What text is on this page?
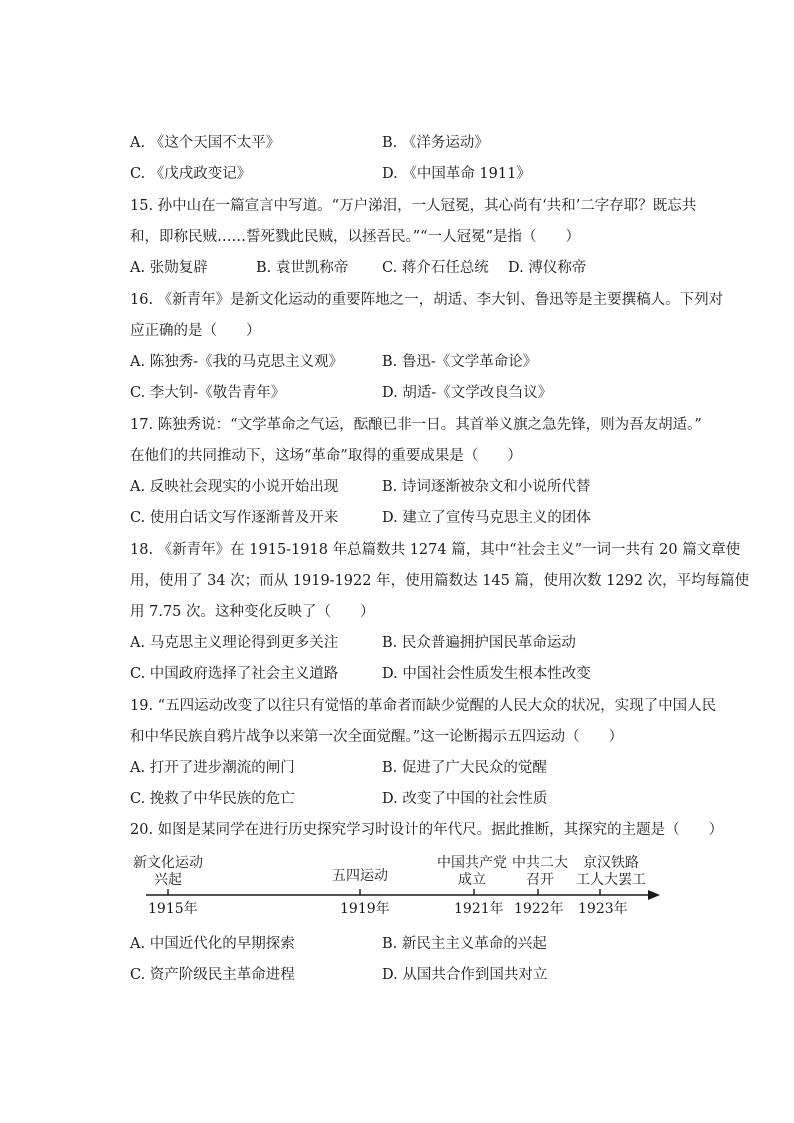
A. 《这个天国不太平》	B. 《洋务运动》
C. 《戊戌政变记》	D. 《中国革命 1911》
15. 孙中山在一篇宣言中写道。“万户涕泪，一人冠冕，其心尚有‘共和’二字存耶？既忘共
和，即称民贼……誓死戮此民贼，以拯吾民。”“一人冠冕”是指（　　）
A. 张勋复辟	B. 袁世凯称帝 C. 蒋介石任总统 D. 溥仪称帝
16. 《新青年》是新文化运动的重要阵地之一，胡适、李大钊、鲁迅等是主要撰稿人。下列对
应正确的是（　　）
A. 陈独秀-《我的马克思主义观》	B. 鲁迅-《文学革命论》
C. 李大钊-《敬告青年》	D. 胡适-《文学改良刍议》
17. 陈独秀说：“文学革命之气运，酝酿已非一日。其首举义旗之急先锋，则为吾友胡适。”
在他们的共同推动下，这场“革命”取得的重要成果是（　　）
A. 反映社会现实的小说开始出现	B. 诗词逐渐被杂文和小说所代替
C. 使用白话文写作逐渐普及开来	D. 建立了宣传马克思主义的团体
18. 《新青年》在 1915-1918 年总篇数共 1274 篇，其中“社会主义”一词一共有 20 篇文章使
用，使用了 34 次；而从 1919-1922 年，使用篇数达 145 篇，使用次数 1292 次，平均每篇使
用 7.75 次。这种变化反映了（　　）
A. 马克思主义理论得到更多关注	B. 民众普遍拥护国民革命运动
C. 中国政府选择了社会主义道路	D. 中国社会性质发生根本性改变
19. “五四运动改变了以往只有觉悟的革命者而缺少觉醒的人民大众的状况，实现了中国人民
和中华民族自鸦片战争以来第一次全面觉醒。”这一论断揭示五四运动（　　）
A. 打开了进步潮流的闸门	B. 促进了广大民众的觉醒
C. 挽救了中华民族的危亡	D. 改变了中国的社会性质
20. 如图是某同学在进行历史探究学习时设计的年代尺。据此推断，其探究的主题是（　　）
新文化运动
兴起	五四运动
中国共产党
成立
中共二大
召开
京汉铁路
工人大罢工
1915年	1919年	1921年 1922年 1923年
A. 中国近代化的早期探索	B. 新民主主义革命的兴起
C. 资产阶级民主革命进程	D. 从国共合作到国共对立
